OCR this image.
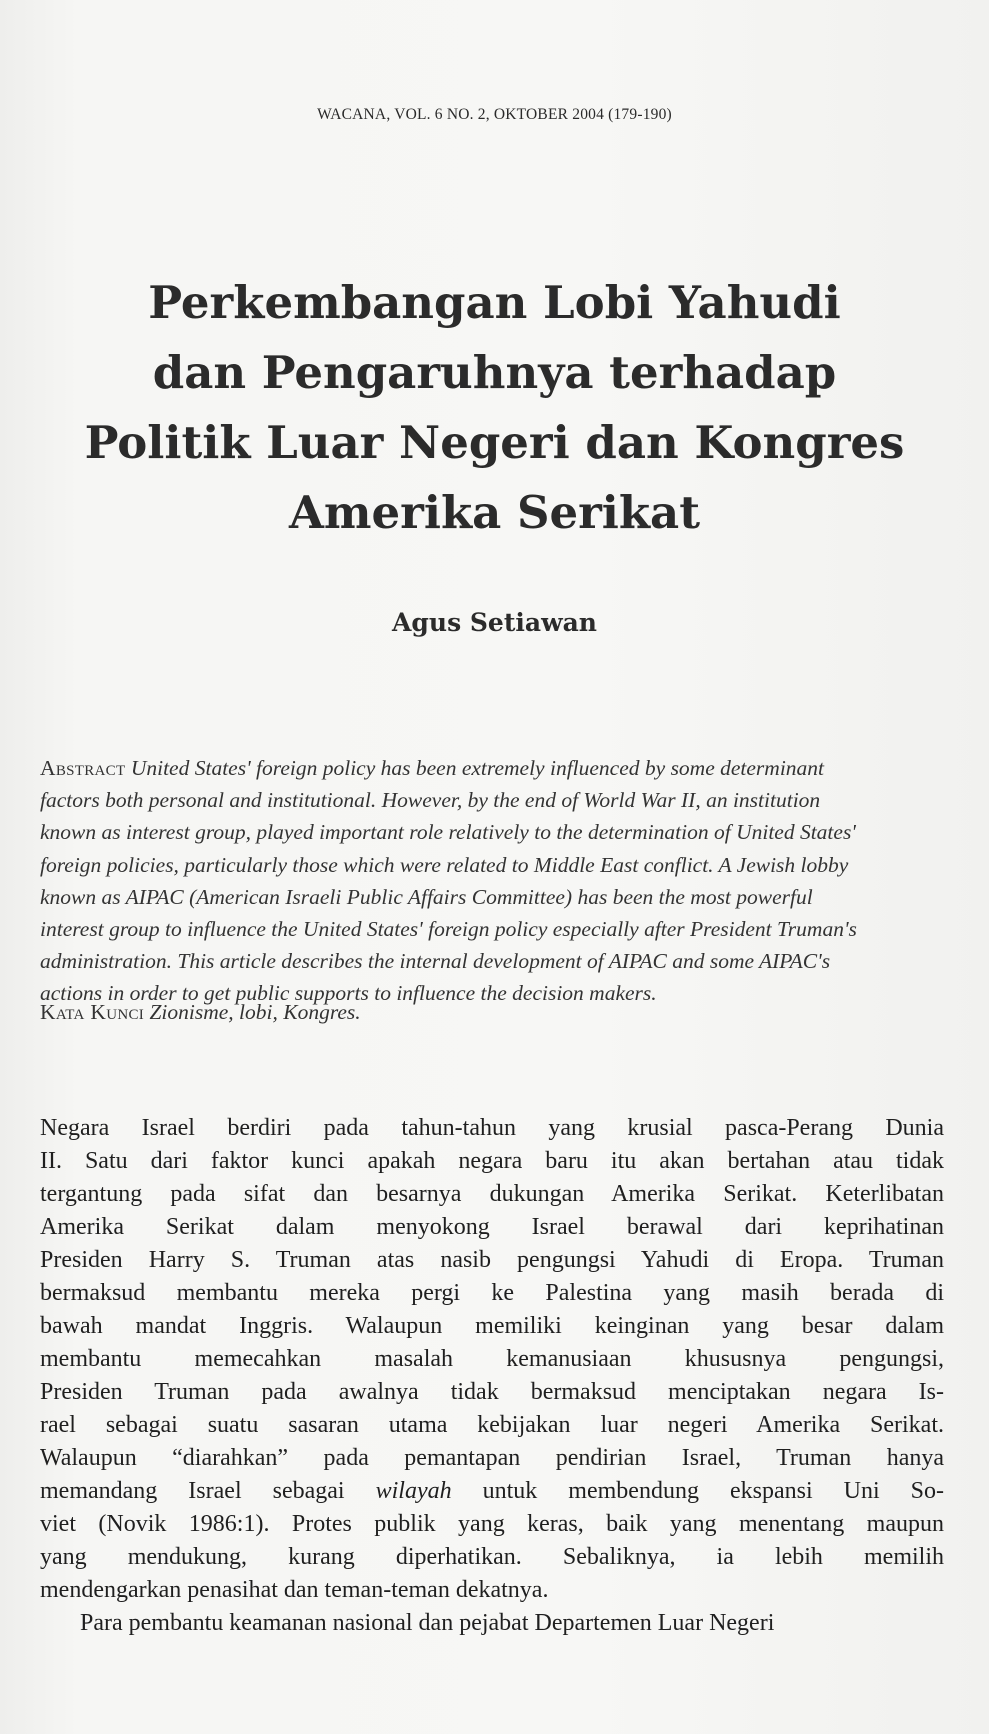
WACANA, VOL. 6 NO. 2, OKTOBER 2004 (179-190)
Perkembangan Lobi Yahudi
dan Pengaruhnya terhadap
Politik Luar Negeri dan Kongres
Amerika Serikat
Agus Setiawan
Abstract United States' foreign policy has been extremely influenced by some determinant
factors both personal and institutional. However, by the end of World War II, an institution
known as interest group, played important role relatively to the determination of United States'
foreign policies, particularly those which were related to Middle East conflict. A Jewish lobby
known as AIPAC (American Israeli Public Affairs Committee) has been the most powerful
interest group to influence the United States' foreign policy especially after President Truman's
administration. This article describes the internal development of AIPAC and some AIPAC's
actions in order to get public supports to influence the decision makers.
Kata Kunci Zionisme, lobi, Kongres.
Negara Israel berdiri pada tahun-tahun yang krusial pasca-Perang Dunia
II. Satu dari faktor kunci apakah negara baru itu akan bertahan atau tidak
tergantung pada sifat dan besarnya dukungan Amerika Serikat. Keterlibatan
Amerika Serikat dalam menyokong Israel berawal dari keprihatinan
Presiden Harry S. Truman atas nasib pengungsi Yahudi di Eropa. Truman
bermaksud membantu mereka pergi ke Palestina yang masih berada di
bawah mandat Inggris. Walaupun memiliki keinginan yang besar dalam
membantu memecahkan masalah kemanusiaan khususnya pengungsi,
Presiden Truman pada awalnya tidak bermaksud menciptakan negara Is-
rael sebagai suatu sasaran utama kebijakan luar negeri Amerika Serikat.
Walaupun “diarahkan” pada pemantapan pendirian Israel, Truman hanya
memandang Israel sebagai wilayah untuk membendung ekspansi Uni So-
viet (Novik 1986:1). Protes publik yang keras, baik yang menentang maupun
yang mendukung, kurang diperhatikan. Sebaliknya, ia lebih memilih
mendengarkan penasihat dan teman-teman dekatnya.
Para pembantu keamanan nasional dan pejabat Departemen Luar Negeri
